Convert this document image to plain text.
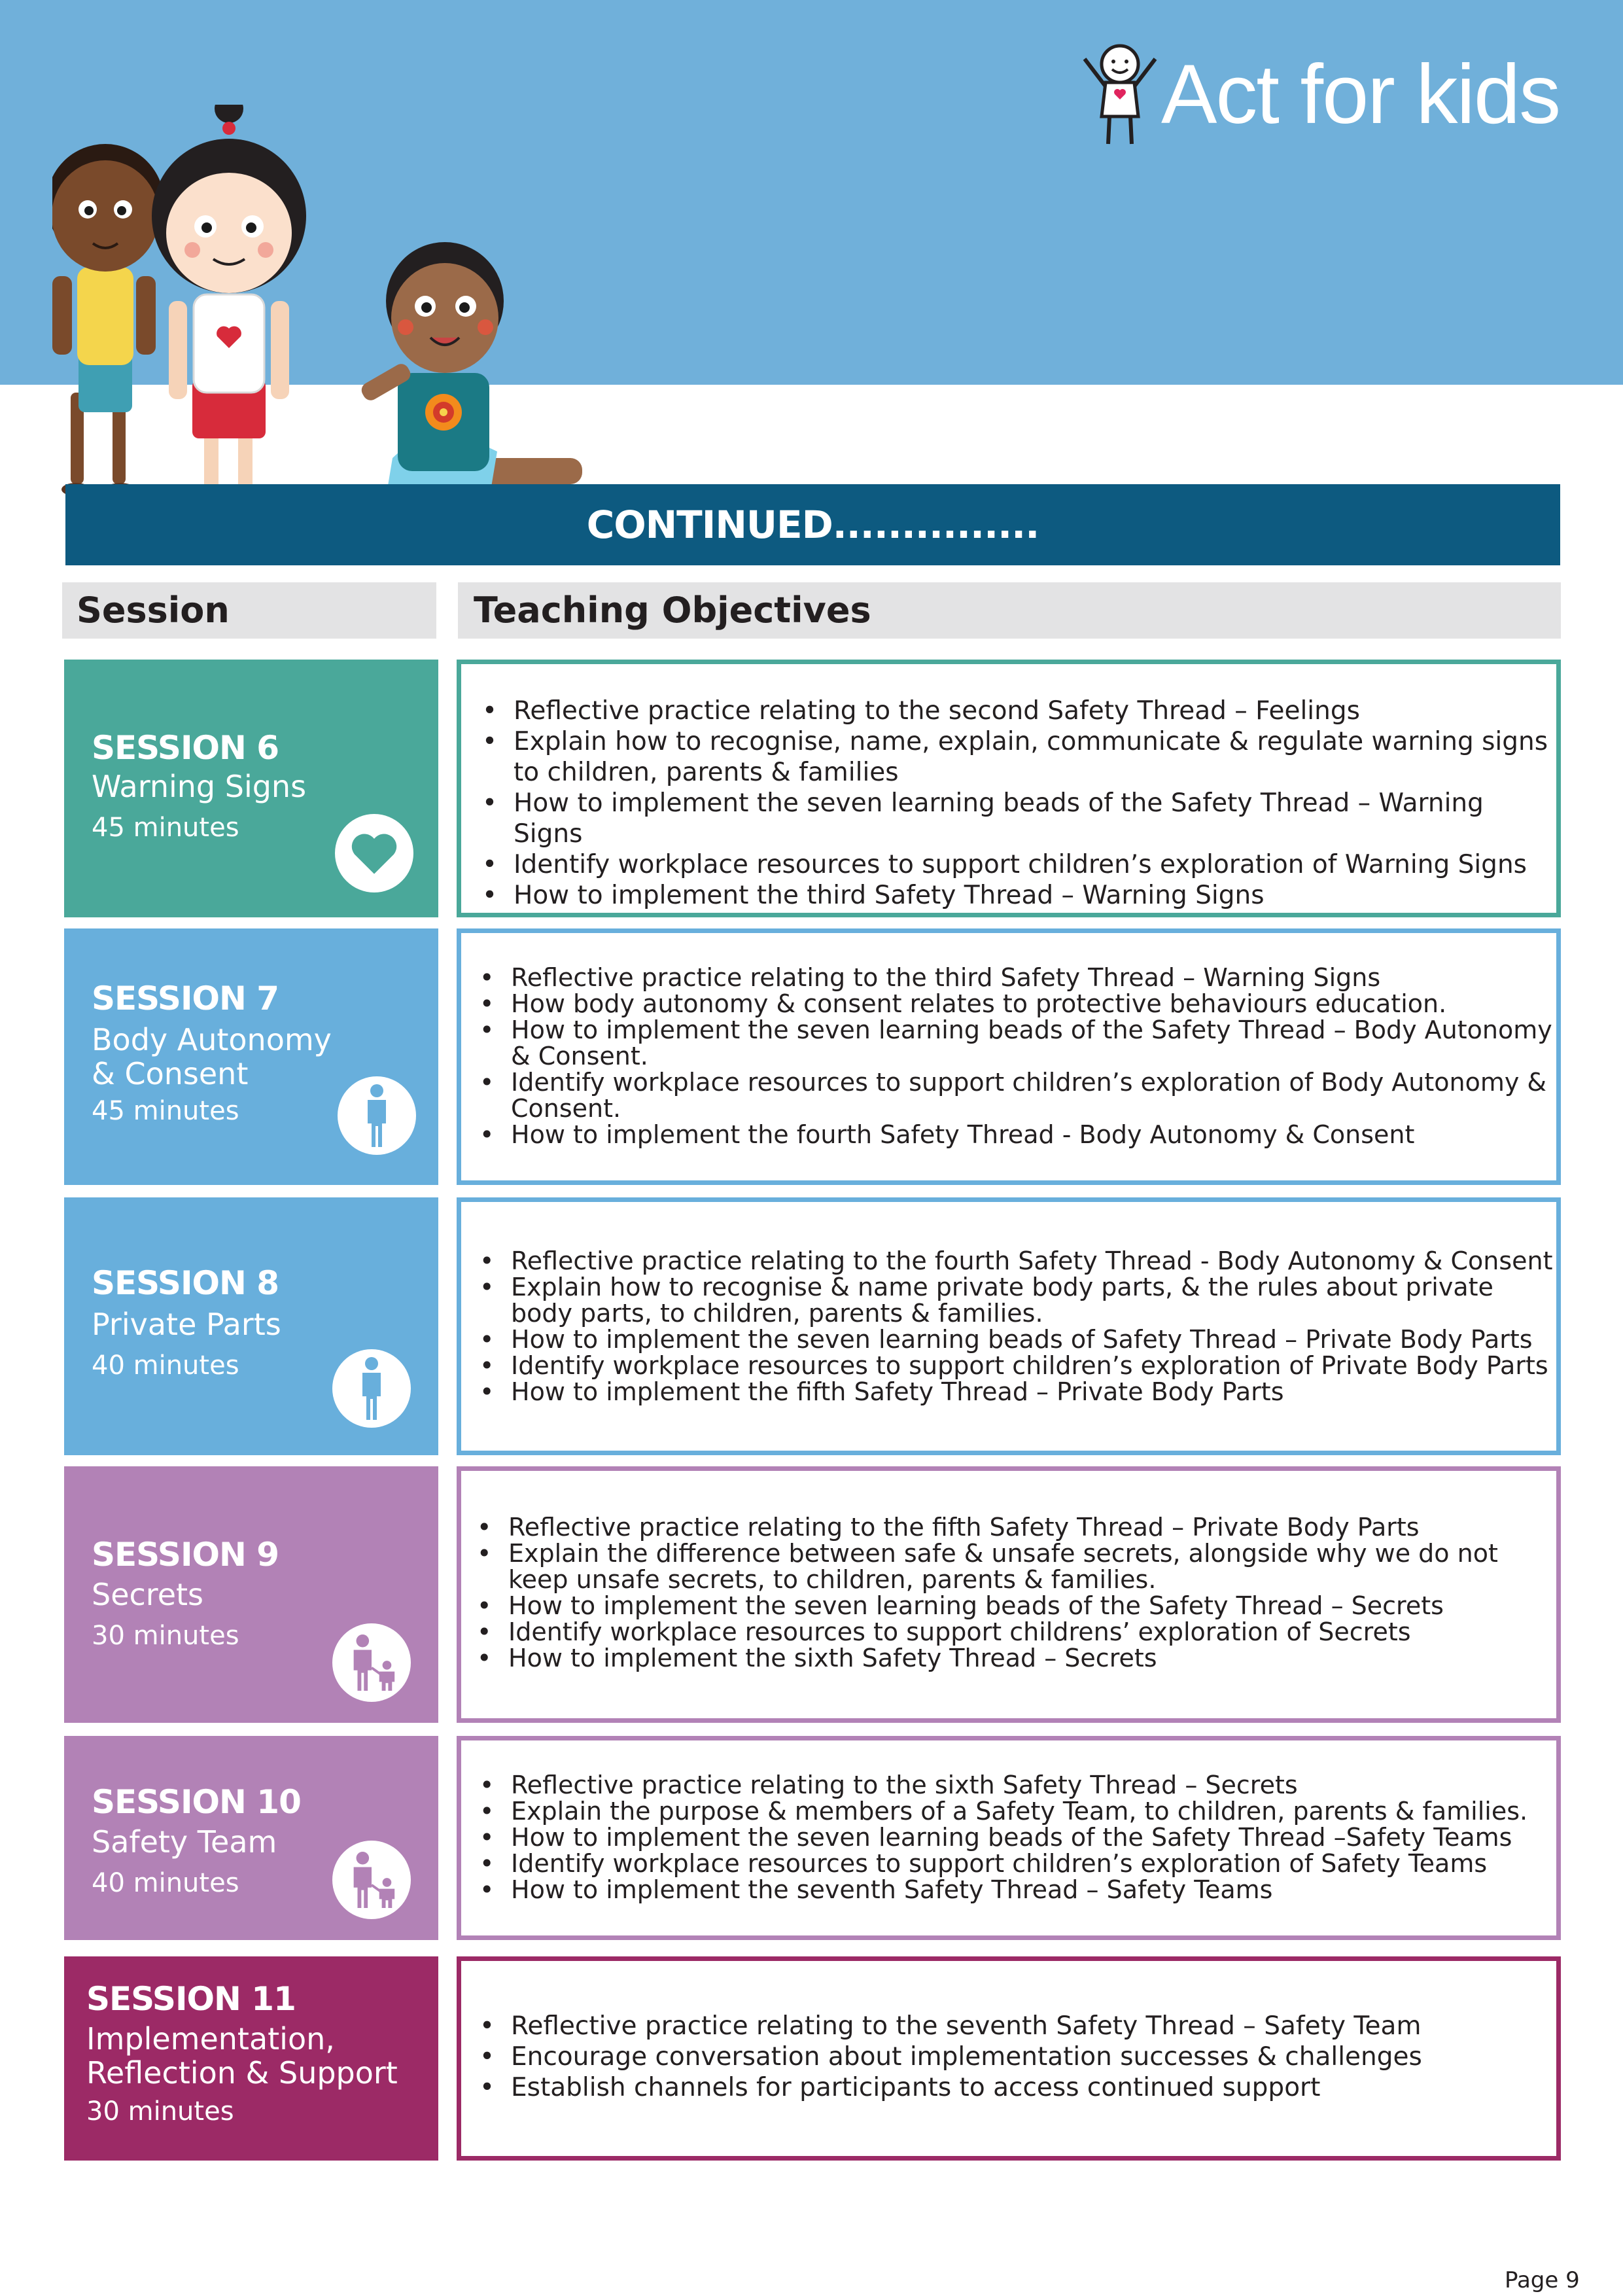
Act for kids
CONTINUED...............
Session	Teaching Objectives
SESSION 6
Warning Signs
45 minutes
• Reflective practice relating to the second Safety Thread – Feelings
• Explain how to recognise, name, explain, communicate & regulate warning signs to children, parents & families
• How to implement the seven learning beads of the Safety Thread – Warning Signs
• Identify workplace resources to support children’s exploration of Warning Signs
• How to implement the third Safety Thread – Warning Signs
SESSION 7
Body Autonomy
& Consent
45 minutes
• Reflective practice relating to the third Safety Thread – Warning Signs
• How body autonomy & consent relates to protective behaviours education.
• How to implement the seven learning beads of the Safety Thread – Body Autonomy & Consent.
• Identify workplace resources to support children’s exploration of Body Autonomy & Consent.
• How to implement the fourth Safety Thread - Body Autonomy & Consent
SESSION 8
Private Parts
40 minutes
• Reflective practice relating to the fourth Safety Thread - Body Autonomy & Consent
• Explain how to recognise & name private body parts, & the rules about private body parts, to children, parents & families.
• How to implement the seven learning beads of Safety Thread – Private Body Parts
• Identify workplace resources to support children’s exploration of Private Body Parts
• How to implement the fifth Safety Thread – Private Body Parts
SESSION 9
Secrets
30 minutes
• Reflective practice relating to the fifth Safety Thread – Private Body Parts
• Explain the difference between safe & unsafe secrets, alongside why we do not keep unsafe secrets, to children, parents & families.
• How to implement the seven learning beads of the Safety Thread – Secrets
• Identify workplace resources to support childrens’ exploration of Secrets
• How to implement the sixth Safety Thread – Secrets
SESSION 10
Safety Team
40 minutes
• Reflective practice relating to the sixth Safety Thread – Secrets
• Explain the purpose & members of a Safety Team, to children, parents & families.
• How to implement the seven learning beads of the Safety Thread –Safety Teams
• Identify workplace resources to support children’s exploration of Safety Teams
• How to implement the seventh Safety Thread – Safety Teams
SESSION 11
Implementation,
Reflection & Support
30 minutes
• Reflective practice relating to the seventh Safety Thread – Safety Team
• Encourage conversation about implementation successes & challenges
• Establish channels for participants to access continued support
Page 9
